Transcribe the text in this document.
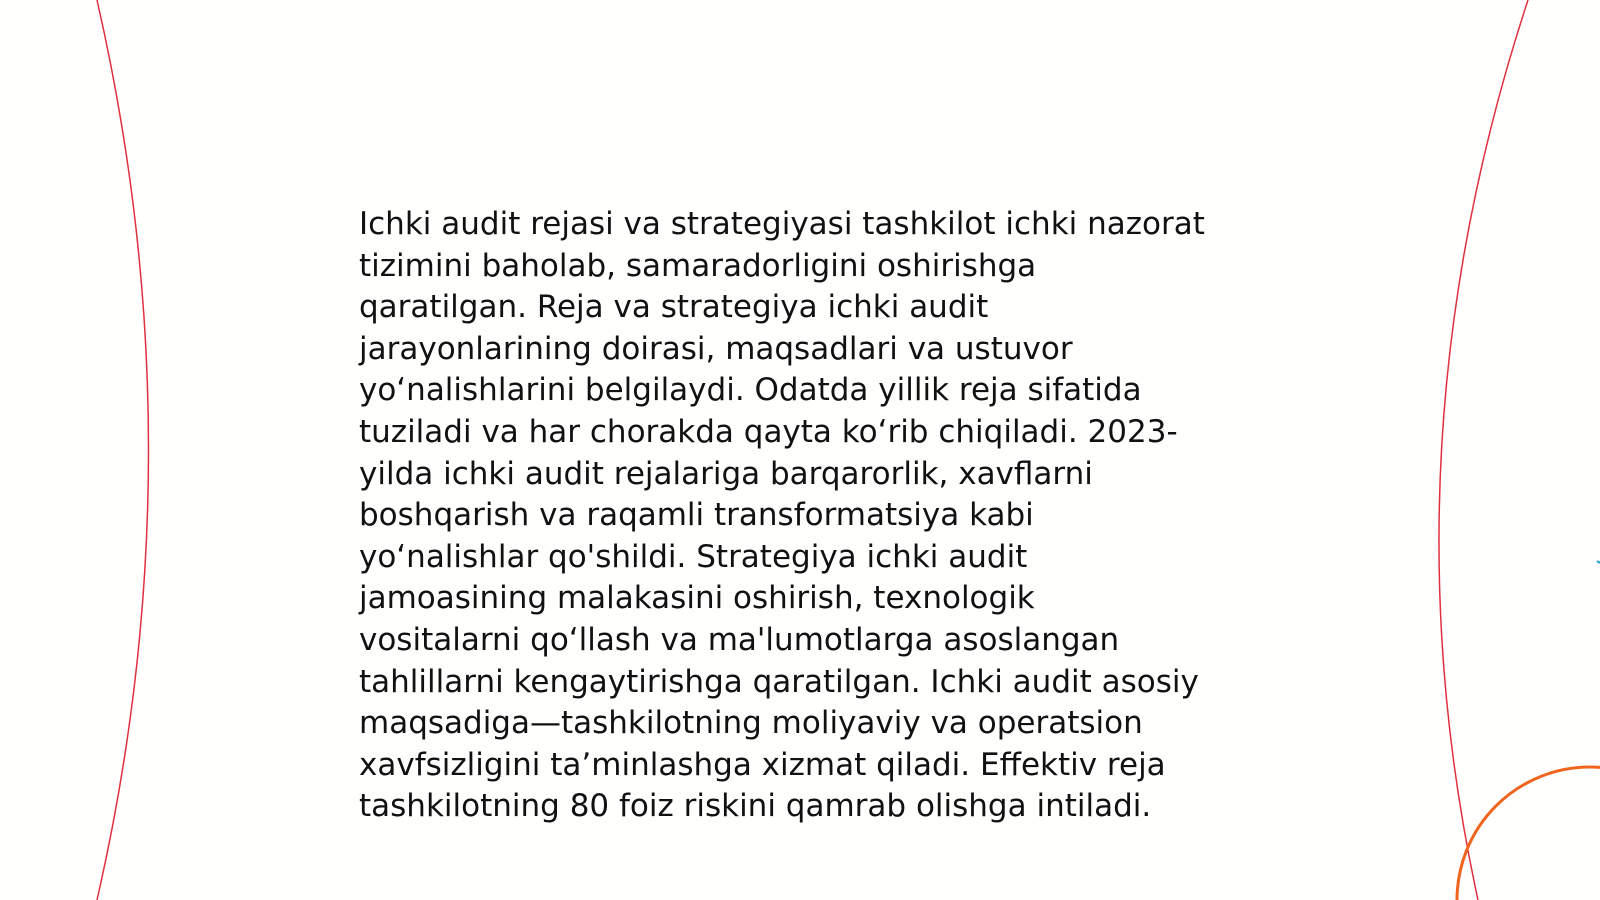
Ichki audit rejasi va strategiyasi tashkilot ichki nazorat
tizimini baholab, samaradorligini oshirishga
qaratilgan. Reja va strategiya ichki audit
jarayonlarining doirasi, maqsadlari va ustuvor
yo‘nalishlarini belgilaydi. Odatda yillik reja sifatida
tuziladi va har chorakda qayta ko‘rib chiqiladi. 2023-
yilda ichki audit rejalariga barqarorlik, xavflarni
boshqarish va raqamli transformatsiya kabi
yo‘nalishlar qo'shildi. Strategiya ichki audit
jamoasining malakasini oshirish, texnologik
vositalarni qo‘llash va ma'lumotlarga asoslangan
tahlillarni kengaytirishga qaratilgan. Ichki audit asosiy
maqsadiga—tashkilotning moliyaviy va operatsion
xavfsizligini ta’minlashga xizmat qiladi. Effektiv reja
tashkilotning 80 foiz riskini qamrab olishga intiladi.
